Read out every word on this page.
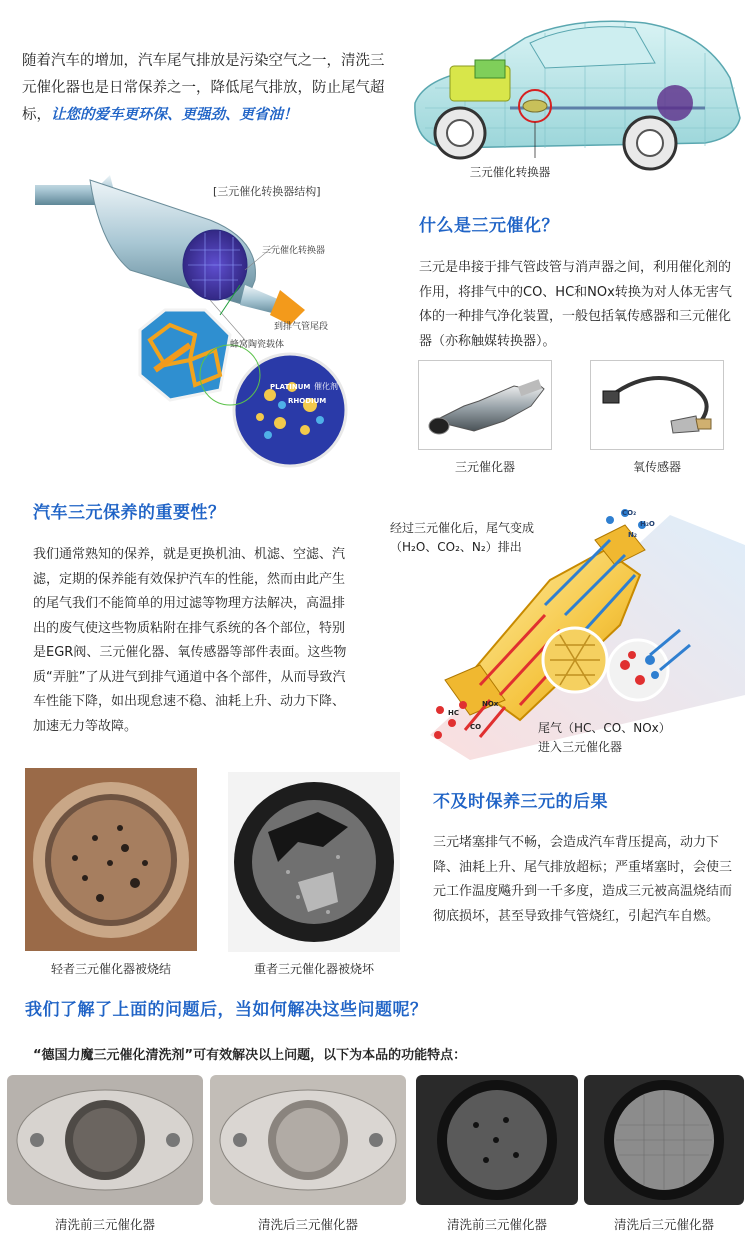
随着汽车的增加，汽车尾气排放是污染空气之一，清洗三元催化器也是日常保养之一，降低尾气排放，防止尾气超标，让您的爱车更环保、更强劲、更省油！
三元催化转换器
[三元催化转换器结构]
三元催化转换器
到排气管尾段
蜂窝陶瓷载体
PLATINUM 催化剂
RHODIUM
什么是三元催化？
三元是串接于排气管歧管与消声器之间，利用催化剂的作用，将排气中的CO、HC和NOx转换为对人体无害气体的一种排气净化装置，一般包括氧传感器和三元催化器（亦称触媒转换器）。
三元催化器	氧传感器
汽车三元保养的重要性？
我们通常熟知的保养，就是更换机油、机滤、空滤、汽滤，定期的保养能有效保护汽车的性能，然而由此产生的尾气我们不能简单的用过滤等物理方法解决，高温排出的废气使这些物质粘附在排气系统的各个部位，特别是EGR阀、三元催化器、氧传感器等部件表面。这些物质“弄脏”了从进气到排气通道中各个部件，从而导致汽车性能下降，如出现怠速不稳、油耗上升、动力下降、加速无力等故障。
经过三元催化后，尾气变成
（H₂O、CO₂、N₂）排出
CO₂
H₂O
N₂
HC
CO
NOx
尾气（HC、CO、NOx）
进入三元催化器
轻者三元催化器被烧结	重者三元催化器被烧坏
不及时保养三元的后果
三元堵塞排气不畅，会造成汽车背压提高，动力下降、油耗上升、尾气排放超标；严重堵塞时，会使三元工作温度飚升到一千多度，造成三元被高温烧结而彻底损坏，甚至导致排气管烧红，引起汽车自燃。
我们了解了上面的问题后，当如何解决这些问题呢？
“德国力魔三元催化清洗剂”可有效解决以上问题，以下为本品的功能特点：
清洗前三元催化器	清洗后三元催化器	清洗前三元催化器	清洗后三元催化器
